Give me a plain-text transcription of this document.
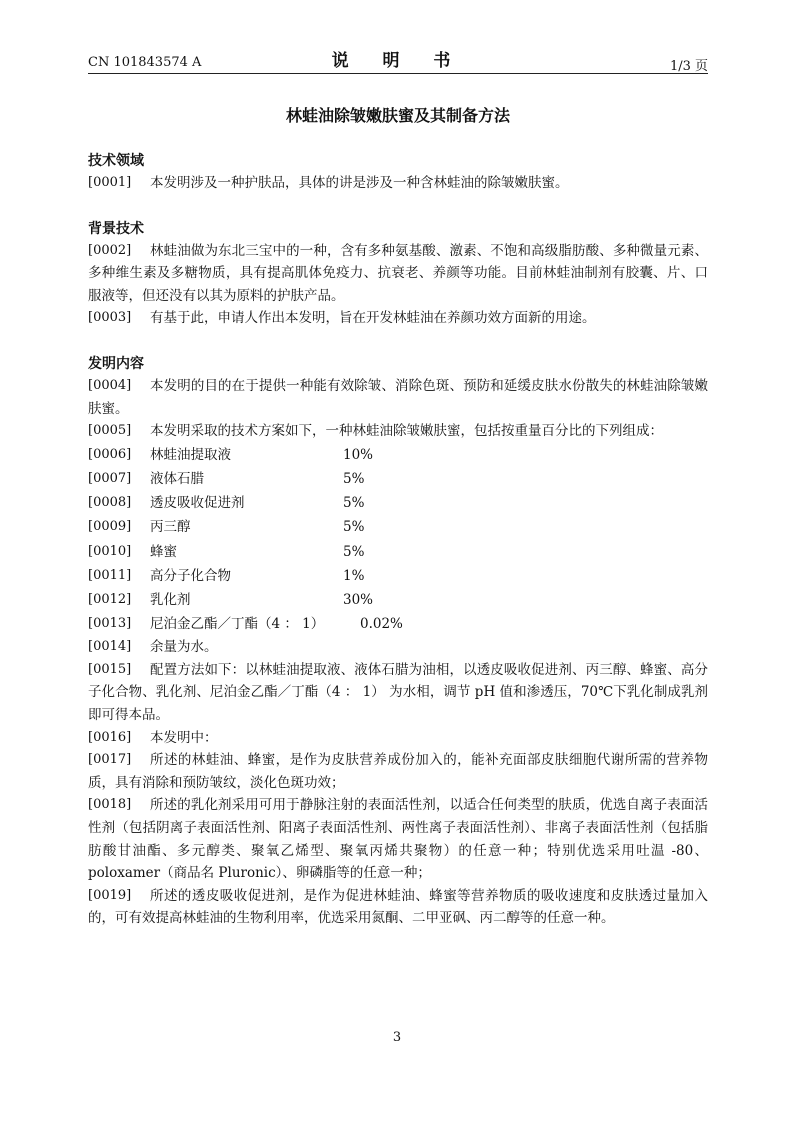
CN 101843574 A	说 明 书	1/3 页
林蛙油除皱嫩肤蜜及其制备方法
技术领域
[0001] 本发明涉及一种护肤品，具体的讲是涉及一种含林蛙油的除皱嫩肤蜜。
背景技术
[0002]	林蛙油做为东北三宝中的一种，含有多种氨基酸、激素、不饱和高级脂肪酸、多种微量元素、多种维生素及多糖物质，具有提高肌体免疫力、抗衰老、养颜等功能。目前林蛙油制剂有胶囊、片、口服液等，但还没有以其为原料的护肤产品。
[0003] 有基于此，申请人作出本发明，旨在开发林蛙油在养颜功效方面新的用途。
发明内容
[0004]	本发明的目的在于提供一种能有效除皱、消除色斑、预防和延缓皮肤水份散失的林蛙油除皱嫩肤蜜。
[0005]	本发明采取的技术方案如下，一种林蛙油除皱嫩肤蜜，包括按重量百分比的下列组成：
[0006] 林蛙油提取液	10%
[0007] 液体石腊	5%
[0008] 透皮吸收促进剂	5%
[0009] 丙三醇	5%
[0010] 蜂蜜	5%
[0011] 高分子化合物	1%
[0012] 乳化剂	30%
[0013] 尼泊金乙酯／丁酯（4 ： 1）	0.02%
[0014] 余量为水。
[0015]	配置方法如下：以林蛙油提取液、液体石腊为油相，以透皮吸收促进剂、丙三醇、蜂蜜、高分子化合物、乳化剂、尼泊金乙酯／丁酯（4 ： 1） 为水相，调节 pH 值和渗透压，70℃下乳化制成乳剂即可得本品。
[0016] 本发明中：
[0017]	所述的林蛙油、蜂蜜，是作为皮肤营养成份加入的，能补充面部皮肤细胞代谢所需的营养物质，具有消除和预防皱纹，淡化色斑功效；
[0018]	所述的乳化剂采用可用于静脉注射的表面活性剂，以适合任何类型的肤质，优选自离子表面活性剂（包括阴离子表面活性剂、阳离子表面活性剂、两性离子表面活性剂）、非离子表面活性剂（包括脂肪酸甘油酯、多元醇类、聚氧乙烯型、聚氧丙烯共聚物）的任意一种；特别优选采用吐温 -80、poloxamer（商品名 Pluronic）、卵磷脂等的任意一种；
[0019]	所述的透皮吸收促进剂，是作为促进林蛙油、蜂蜜等营养物质的吸收速度和皮肤透过量加入的，可有效提高林蛙油的生物利用率，优选采用氮酮、二甲亚砜、丙二醇等的任意一种。
3
